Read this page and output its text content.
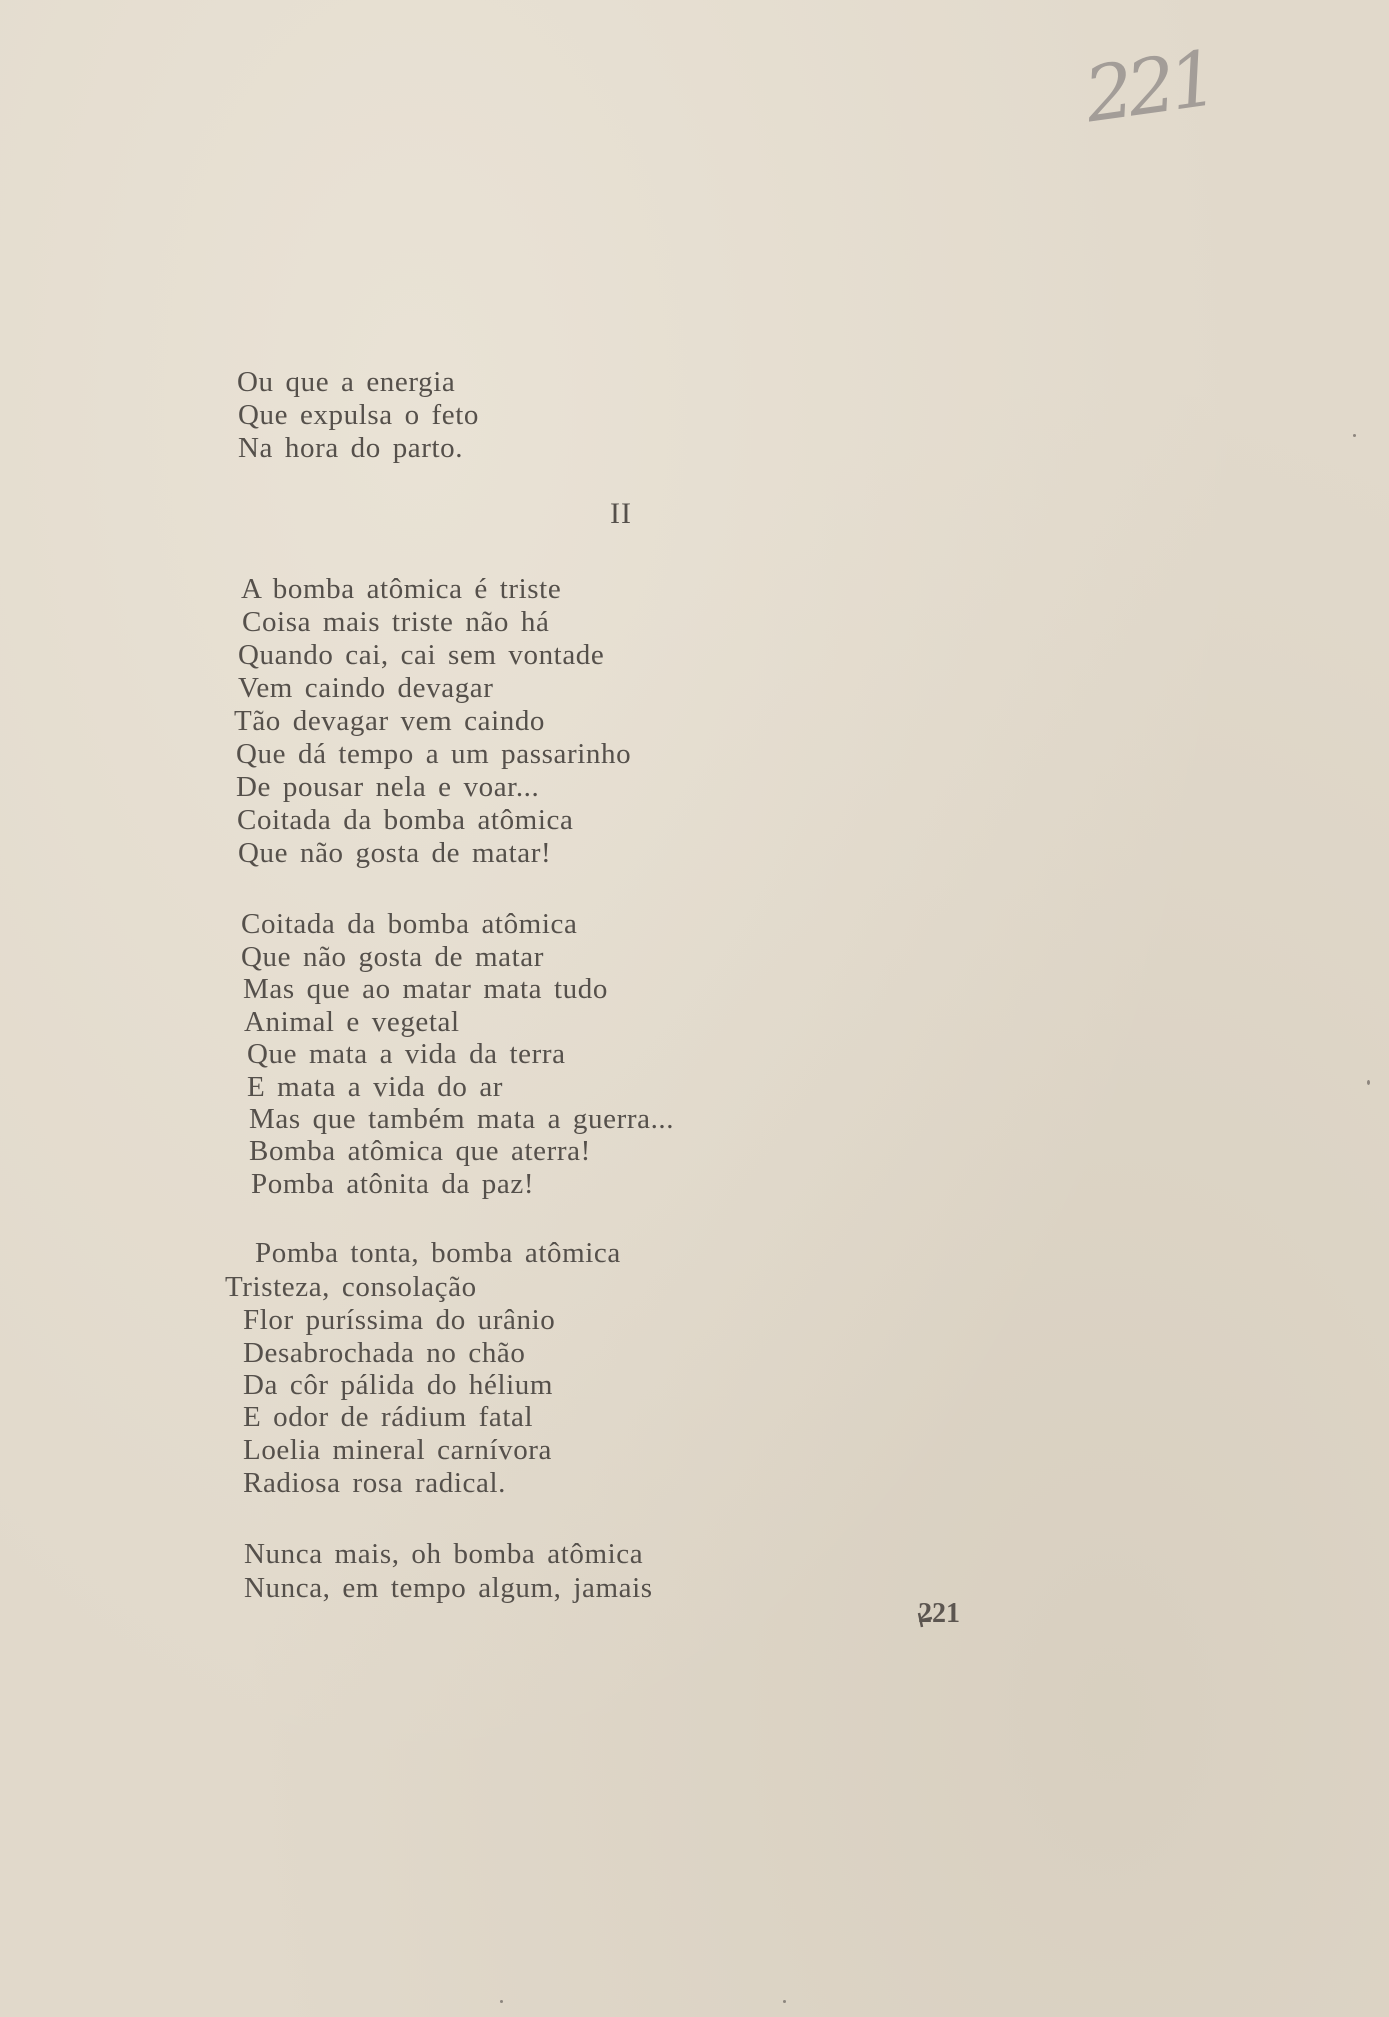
221
Ou que a energia
Que expulsa o feto
Na hora do parto.
II
A bomba atômica é triste
Coisa mais triste não há
Quando cai, cai sem vontade
Vem caindo devagar
Tão devagar vem caindo
Que dá tempo a um passarinho
De pousar nela e voar...
Coitada da bomba atômica
Que não gosta de matar!
Coitada da bomba atômica
Que não gosta de matar
Mas que ao matar mata tudo
Animal e vegetal
Que mata a vida da terra
E mata a vida do ar
Mas que também mata a guerra...
Bomba atômica que aterra!
Pomba atônita da paz!
Pomba tonta, bomba atômica
Tristeza, consolação
Flor puríssima do urânio
Desabrochada no chão
Da côr pálida do hélium
E odor de rádium fatal
Loelia mineral carnívora
Radiosa rosa radical.
Nunca mais, oh bomba atômica
Nunca, em tempo algum, jamais
221
